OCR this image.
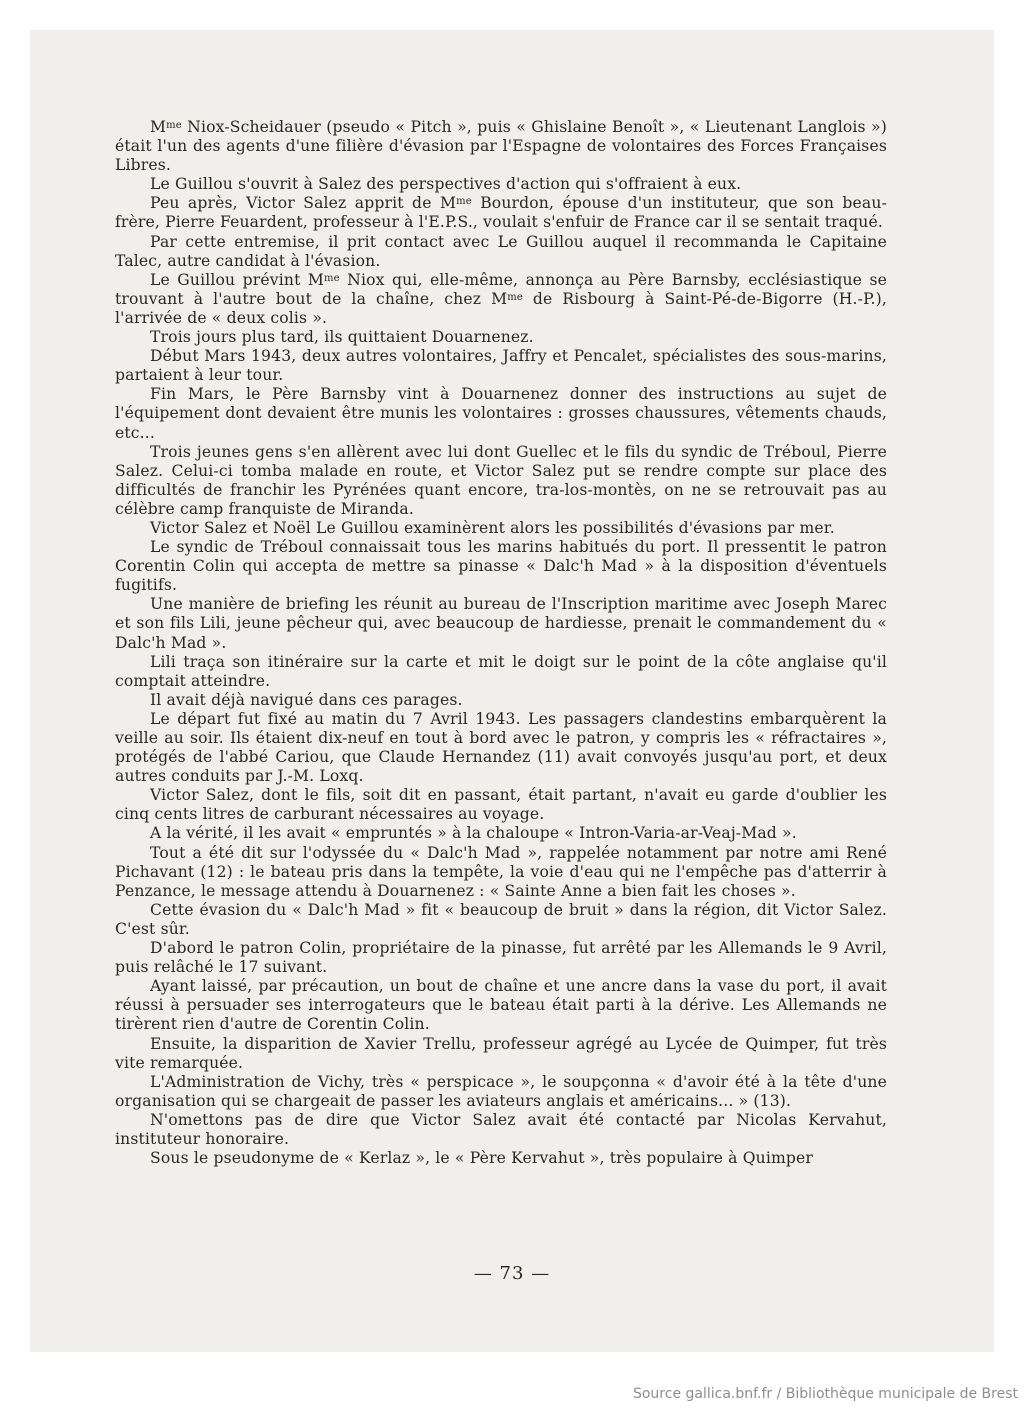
$M^{me}$ Niox-Scheidauer (pseudo « Pitch », puis « Ghislaine Benoît », « Lieutenant Langlois ») était l'un des agents d'une filière d'évasion par l'Espagne de volontaires des Forces Françaises Libres.

Le Guillou s'ouvrit à Salez des perspectives d'action qui s'offraient à eux.

Peu après, Victor Salez apprit de $M^{me}$ Bourdon, épouse d'un instituteur, que son beau-frère, Pierre Feuardent, professeur à l'E.P.S., voulait s'enfuir de France car il se sentait traqué.

Par cette entremise, il prit contact avec Le Guillou auquel il recommanda le Capitaine Talec, autre candidat à l'évasion.

Le Guillou prévint $M^{me}$ Niox qui, elle-même, annonça au Père Barnsby, ecclésiastique se trouvant à l'autre bout de la chaîne, chez $M^{me}$ de Risbourg à Saint-Pé-de-Bigorre (H.-P.), l'arrivée de « deux colis ».

Trois jours plus tard, ils quittaient Douarnenez.

Début Mars 1943, deux autres volontaires, Jaffry et Pencalet, spécialistes des sous-marins, partaient à leur tour.

Fin Mars, le Père Barnsby vint à Douarnenez donner des instructions au sujet de l'équipement dont devaient être munis les volontaires : grosses chaussures, vêtements chauds, etc...

Trois jeunes gens s'en allèrent avec lui dont Guellec et le fils du syndic de Tréboul, Pierre Salez. Celui-ci tomba malade en route, et Victor Salez put se rendre compte sur place des difficultés de franchir les Pyrénées quant encore, tra-los-montès, on ne se retrouvait pas au célèbre camp franquiste de Miranda.

Victor Salez et Noël Le Guillou examinèrent alors les possibilités d'évasions par mer.

Le syndic de Tréboul connaissait tous les marins habitués du port. Il pressentit le patron Corentin Colin qui accepta de mettre sa pinasse « Dalc'h Mad » à la disposition d'éventuels fugitifs.

Une manière de briefing les réunit au bureau de l'Inscription maritime avec Joseph Marec et son fils Lili, jeune pêcheur qui, avec beaucoup de hardiesse, prenait le commandement du « Dalc'h Mad ».

Lili traça son itinéraire sur la carte et mit le doigt sur le point de la côte anglaise qu'il comptait atteindre.

Il avait déjà navigué dans ces parages.

Le départ fut fixé au matin du 7 Avril 1943. Les passagers clandestins embarquèrent la veille au soir. Ils étaient dix-neuf en tout à bord avec le patron, y compris les « réfractaires », protégés de l'abbé Cariou, que Claude Hernandez (11) avait convoyés jusqu'au port, et deux autres conduits par J.-M. Loxq.

Victor Salez, dont le fils, soit dit en passant, était partant, n'avait eu garde d'oublier les cinq cents litres de carburant nécessaires au voyage.

A la vérité, il les avait « empruntés » à la chaloupe « Intron-Varia-ar-Veaj-Mad ».

Tout a été dit sur l'odyssée du « Dalc'h Mad », rappelée notamment par notre ami René Pichavant (12) : le bateau pris dans la tempête, la voie d'eau qui ne l'empêche pas d'atterrir à Penzance, le message attendu à Douarnenez : « Sainte Anne a bien fait les choses ».

Cette évasion du « Dalc'h Mad » fit « beaucoup de bruit » dans la région, dit Victor Salez. C'est sûr.

D'abord le patron Colin, propriétaire de la pinasse, fut arrêté par les Allemands le 9 Avril, puis relâché le 17 suivant.

Ayant laissé, par précaution, un bout de chaîne et une ancre dans la vase du port, il avait réussi à persuader ses interrogateurs que le bateau était parti à la dérive. Les Allemands ne tirèrent rien d'autre de Corentin Colin.

Ensuite, la disparition de Xavier Trellu, professeur agrégé au Lycée de Quimper, fut très vite remarquée.

L'Administration de Vichy, très « perspicace », le soupçonna « d'avoir été à la tête d'une organisation qui se chargeait de passer les aviateurs anglais et américains... » (13).

N'omettons pas de dire que Victor Salez avait été contacté par Nicolas Kervahut, instituteur honoraire.

Sous le pseudonyme de « Kerlaz », le « Père Kervahut », très populaire à Quimper

— 73 —
Source gallica.bnf.fr / Bibliothèque municipale de Brest
